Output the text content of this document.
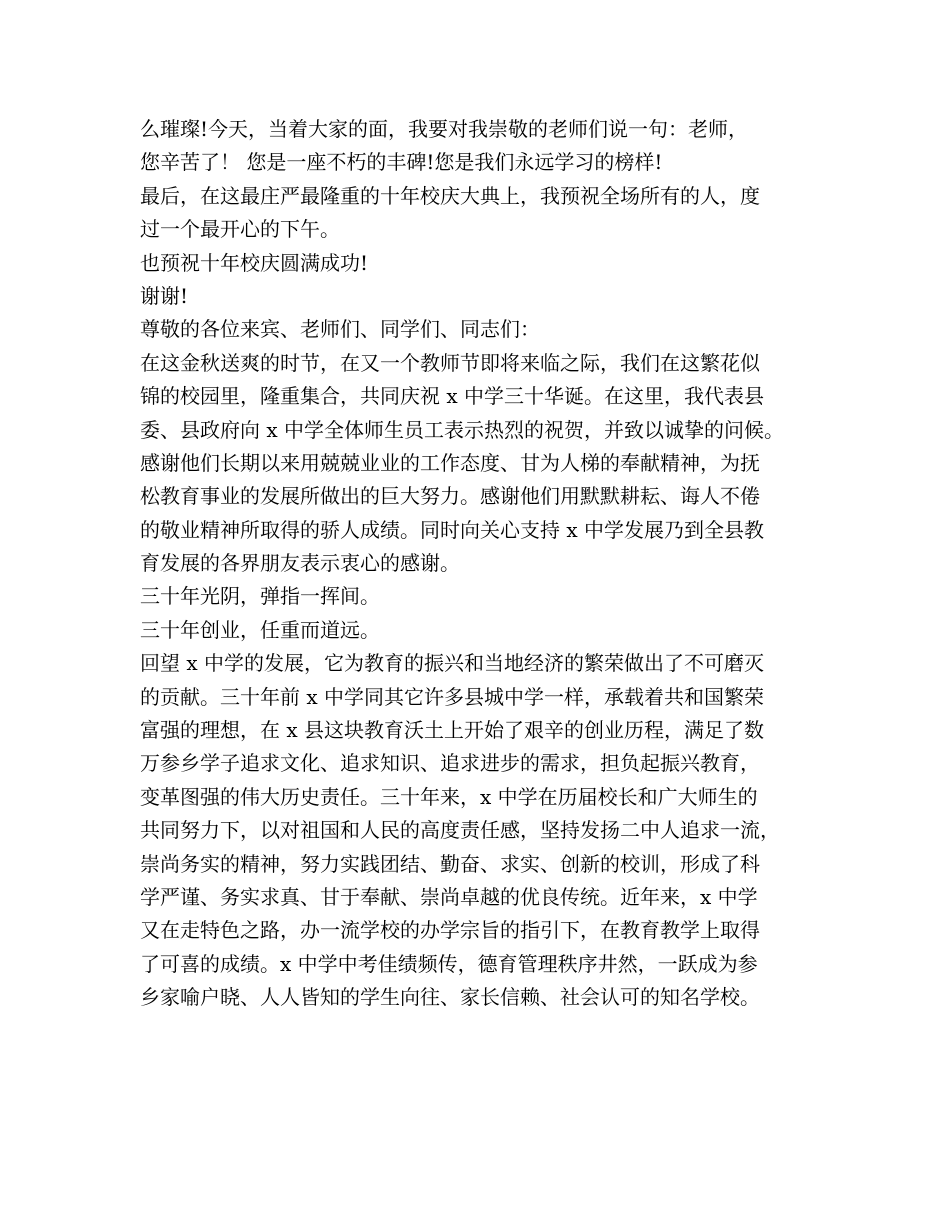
么璀璨!今天，当着大家的面，我要对我崇敬的老师们说一句：老师，
您辛苦了！ 您是一座不朽的丰碑!您是我们永远学习的榜样!
最后，在这最庄严最隆重的十年校庆大典上，我预祝全场所有的人，度
过一个最开心的下午。
也预祝十年校庆圆满成功!
谢谢!
尊敬的各位来宾、老师们、同学们、同志们：
在这金秋送爽的时节，在又一个教师节即将来临之际，我们在这繁花似
锦的校园里，隆重集合，共同庆祝 x 中学三十华诞。在这里，我代表县
委、县政府向 x 中学全体师生员工表示热烈的祝贺，并致以诚挚的问候。
感谢他们长期以来用兢兢业业的工作态度、甘为人梯的奉献精神，为抚
松教育事业的发展所做出的巨大努力。感谢他们用默默耕耘、诲人不倦
的敬业精神所取得的骄人成绩。同时向关心支持 x 中学发展乃到全县教
育发展的各界朋友表示衷心的感谢。
三十年光阴，弹指一挥间。
三十年创业，任重而道远。
回望 x 中学的发展，它为教育的振兴和当地经济的繁荣做出了不可磨灭
的贡献。三十年前 x 中学同其它许多县城中学一样，承载着共和国繁荣
富强的理想，在 x 县这块教育沃土上开始了艰辛的创业历程，满足了数
万参乡学子追求文化、追求知识、追求进步的需求，担负起振兴教育，
变革图强的伟大历史责任。三十年来，x 中学在历届校长和广大师生的
共同努力下，以对祖国和人民的高度责任感，坚持发扬二中人追求一流，
崇尚务实的精神，努力实践团结、勤奋、求实、创新的校训，形成了科
学严谨、务实求真、甘于奉献、崇尚卓越的优良传统。近年来，x 中学
又在走特色之路，办一流学校的办学宗旨的指引下，在教育教学上取得
了可喜的成绩。x 中学中考佳绩频传，德育管理秩序井然，一跃成为参
乡家喻户晓、人人皆知的学生向往、家长信赖、社会认可的知名学校。
